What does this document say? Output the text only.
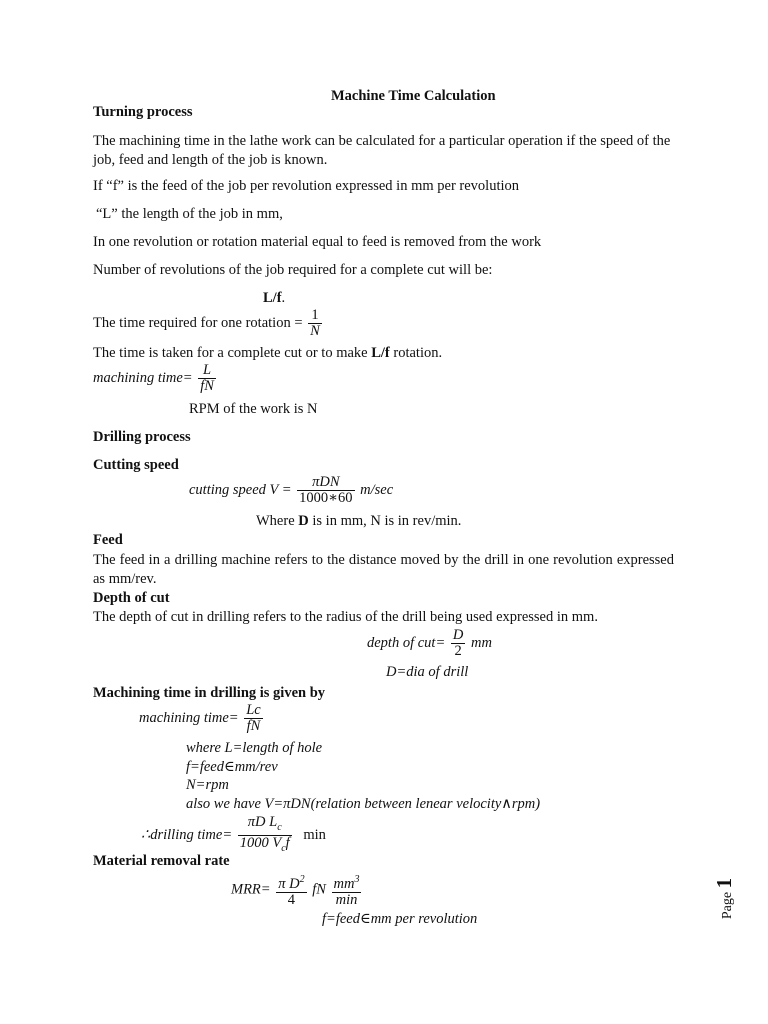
Machine Time Calculation
Turning process
The machining time in the lathe work can be calculated for a particular operation if the speed of the job, feed and length of the job is known.
If “f” is the feed of the job per revolution expressed in mm per revolution
“L” the length of the job in mm,
In one revolution or rotation material equal to feed is removed from the work
Number of revolutions of the job required for a complete cut will be:
L/f.
The time required for one rotation = $\frac{1}{N}$
The time is taken for a complete cut or to make L/f rotation.
machining time= $\frac{L}{fN}$
RPM of the work is N
Drilling process
Cutting speed
cutting speed $V = \frac{\text{πDN}}{1000∗60} m/\sec$
Where D is in mm, N is in rev/min.
Feed
The feed in a drilling machine refers to the distance moved by the drill in one revolution expressed as mm/rev.
Depth of cut
The depth of cut in drilling refers to the radius of the drill being used expressed in mm.
depth of $cut= \frac{D}{2}$ mm
D=dia of drill
Machining time in drilling is given by
machining time= $\frac{Lc}{fN}$
where L=length of hole
f=feed∈mm/rev
N=rpm
also we have V=πDN(relation between lenear velocity∧rpm)
∴drilling time= $\frac{\pi D L_c}{1000 V_cf}$ min
Material removal rate
$MRR= \frac{\pi D^2}{4}$ fN $\frac{mm^3}{\min}$
f=feed∈mm per revolution	Page 1
